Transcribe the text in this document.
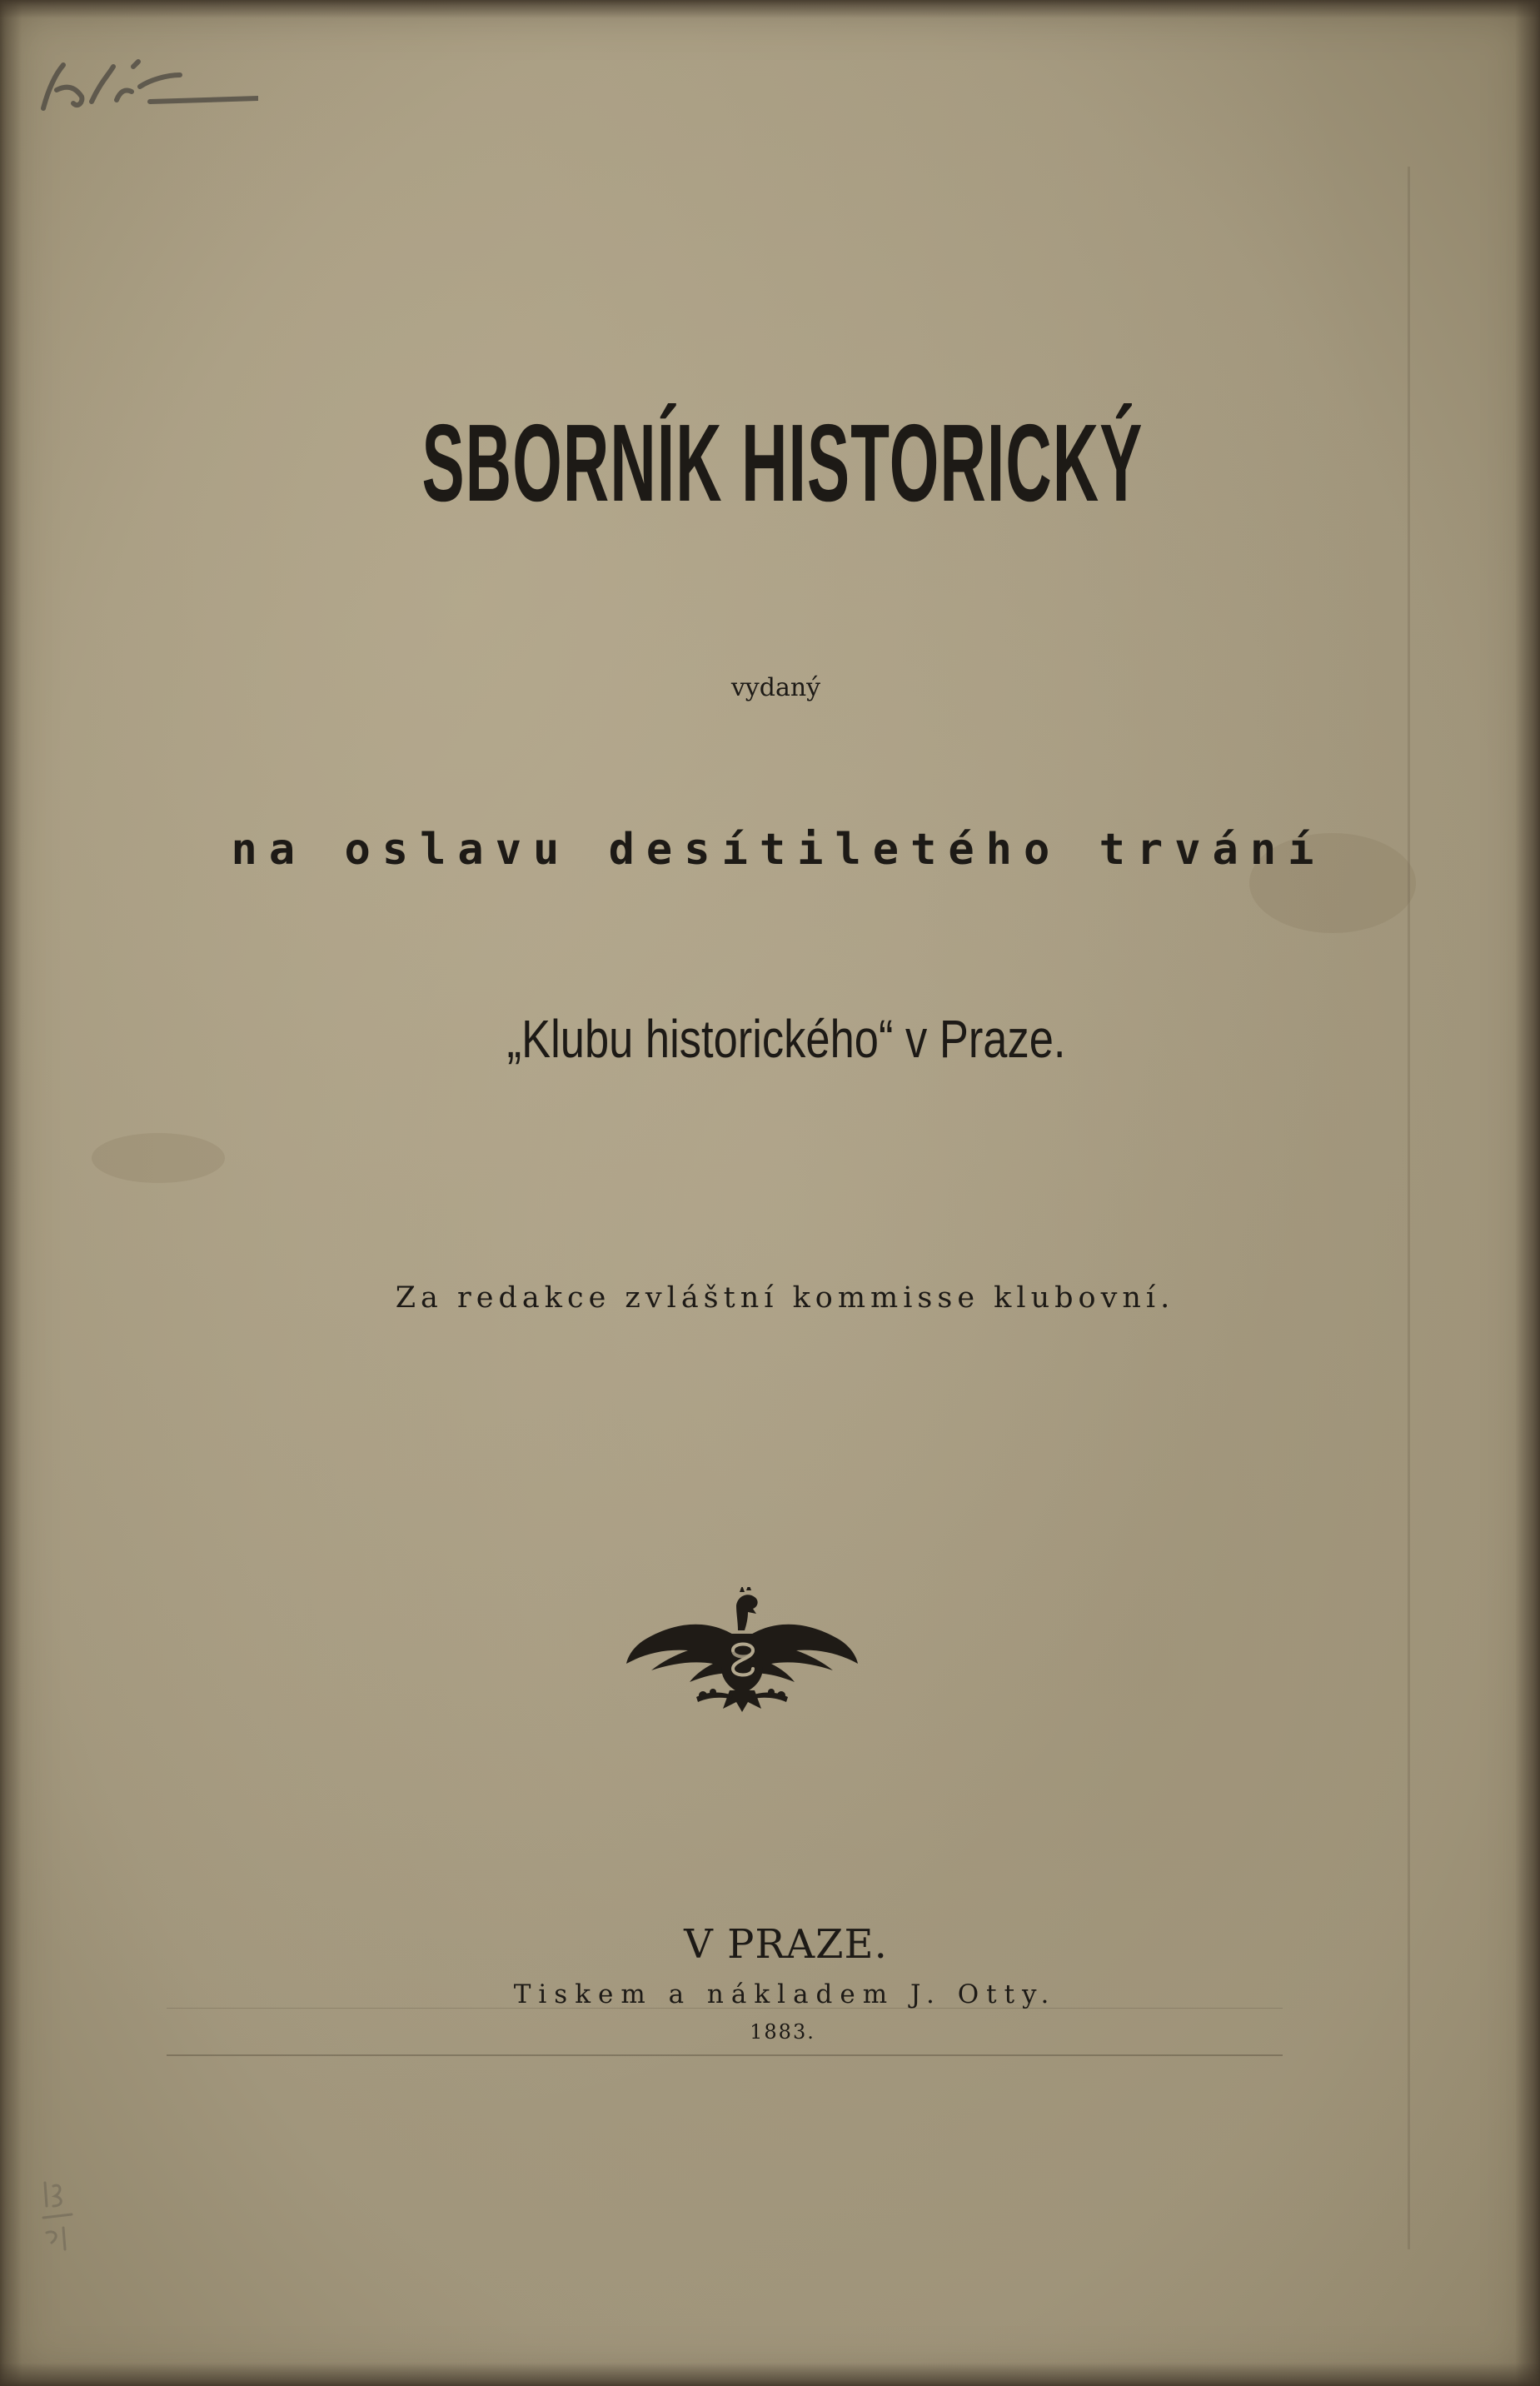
SBORNÍK HISTORICKÝ
vydaný
na oslavu desítiletého trvání
„Klubu historického“ v Praze.
Za redakce zvláštní kommisse klubovní.
V PRAZE.
Tiskem a nákladem J. Otty.
1883.
